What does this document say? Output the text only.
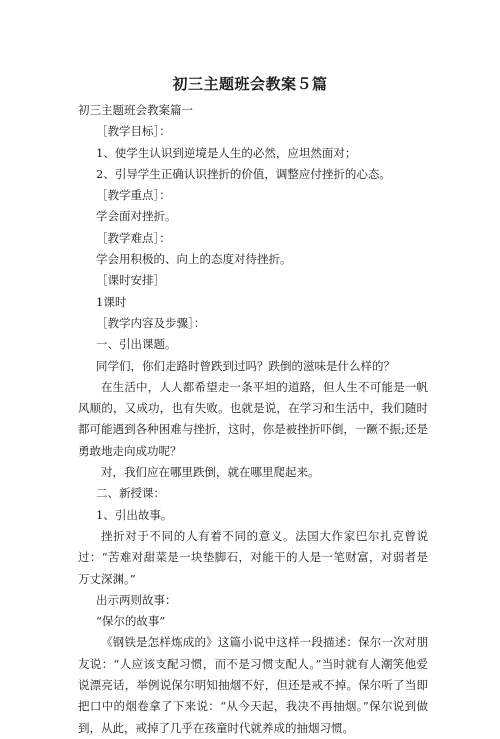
初三主题班会教案５篇

初三主题班会教案篇一

［教学目标］：

1、使学生认识到逆境是人生的必然，应坦然面对；

2、引导学生正确认识挫折的价值，调整应付挫折的心态。

［教学重点］：

学会面对挫折。

［教学难点］：

学会用积极的、向上的态度对待挫折。

［课时安排］

1课时

［教学内容及步骤］：

一、引出课题。

同学们，你们走路时曾跌到过吗？跌倒的滋味是什么样的？

在生活中，人人都希望走一条平坦的道路，但人生不可能是一帆风顺的，又成功，也有失败。也就是说，在学习和生活中，我们随时都可能遇到各种困难与挫折，这时，你是被挫折吓倒，一蹶不振;还是勇敢地走向成功呢？

对，我们应在哪里跌倒，就在哪里爬起来。

二、新授课：

1、引出故事。

挫折对于不同的人有着不同的意义。法国大作家巴尔扎克曾说过：“苦难对甜菜是一块垫脚石，对能干的人是一笔财富，对弱者是万丈深渊。”

出示两则故事：

“保尔的故事”

《钢铁是怎样炼成的》这篇小说中这样一段描述：保尔一次对朋友说：“人应该支配习惯，而不是习惯支配人。”当时就有人潮笑他爱说漂亮话，举例说保尔明知抽烟不好，但还是戒不掉。保尔听了当即把口中的烟卷拿了下来说：“从今天起，我决不再抽烟。”保尔说到做到，从此，戒掉了几乎在孩童时代就养成的抽烟习惯。
